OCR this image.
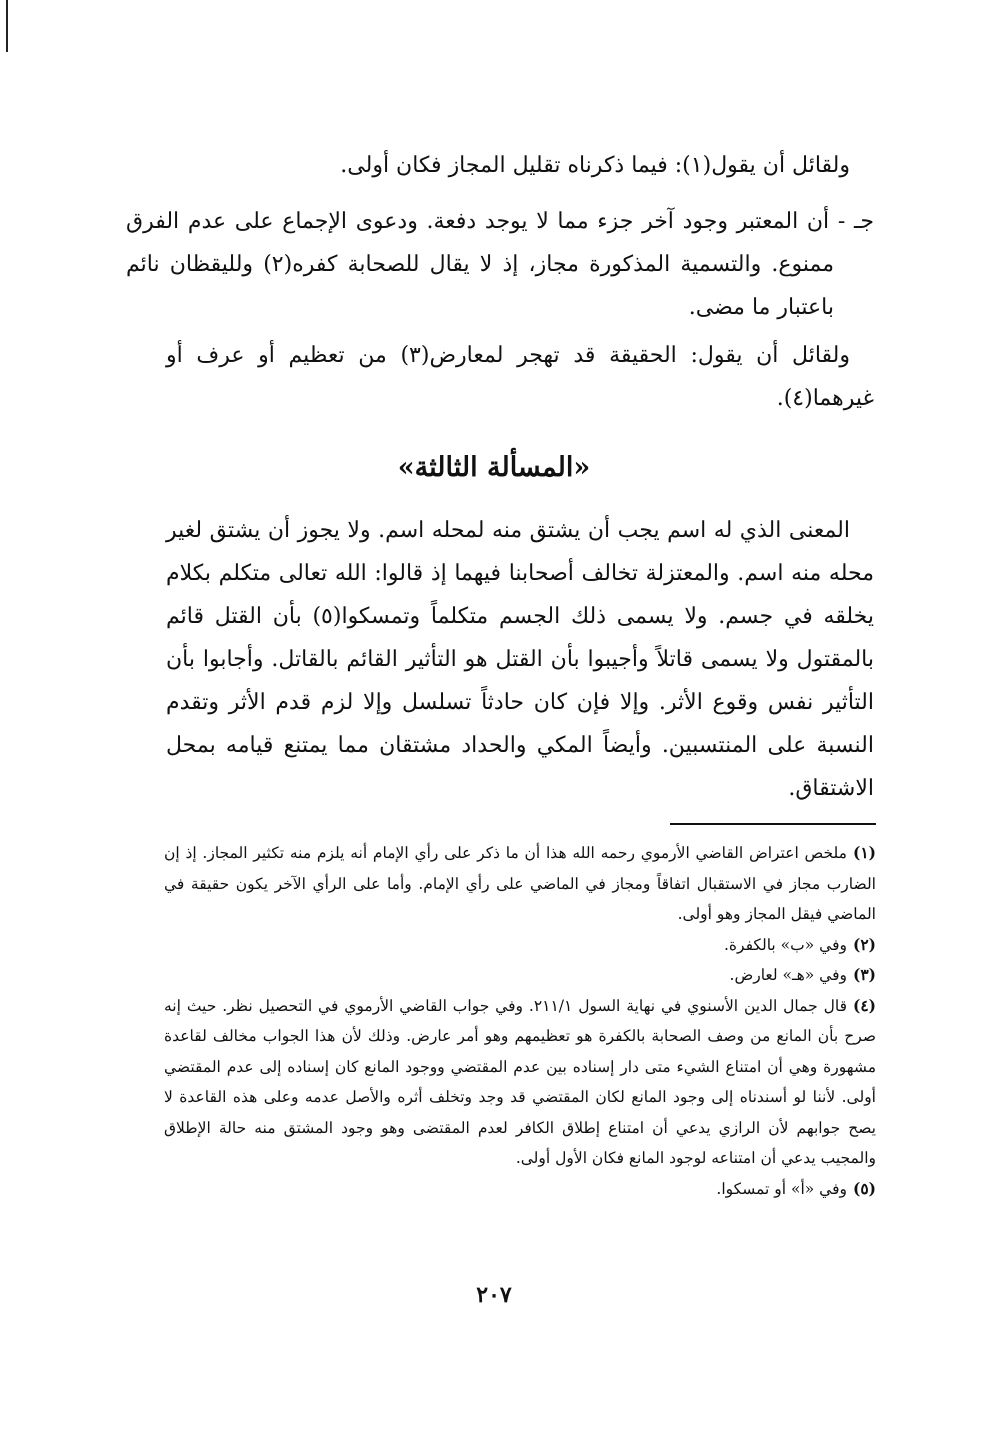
ولقائل أن يقول(١): فيما ذكرناه تقليل المجاز فكان أولى.

جـ - أن المعتبر وجود آخر جزء مما لا يوجد دفعة. ودعوى الإجماع على عدم الفرق ممنوع. والتسمية المذكورة مجاز، إذ لا يقال للصحابة كفره(٢) ولليقظان نائم باعتبار ما مضى.

ولقائل أن يقول: الحقيقة قد تهجر لمعارض(٣) من تعظيم أو عرف أو غيرهما(٤).

«المسألة الثالثة»

المعنى الذي له اسم يجب أن يشتق منه لمحله اسم. ولا يجوز أن يشتق لغير محله منه اسم. والمعتزلة تخالف أصحابنا فيهما إذ قالوا: الله تعالى متكلم بكلام يخلقه في جسم. ولا يسمى ذلك الجسم متكلماً وتمسكوا(٥) بأن القتل قائم بالمقتول ولا يسمى قاتلاً وأجيبوا بأن القتل هو التأثير القائم بالقاتل. وأجابوا بأن التأثير نفس وقوع الأثر. وإلا فإن كان حادثاً تسلسل وإلا لزم قدم الأثر وتقدم النسبة على المنتسبين. وأيضاً المكي والحداد مشتقان مما يمتنع قيامه بمحل الاشتقاق.

(١)ملخص اعتراض القاضي الأرموي رحمه الله هذا أن ما ذكر على رأي الإمام أنه يلزم منه تكثير المجاز. إذ إن الضارب مجاز في الاستقبال اتفاقاً ومجاز في الماضي على رأي الإمام. وأما على الرأي الآخر يكون حقيقة في الماضي فيقل المجاز وهو أولى.

(٢)وفي «ب» بالكفرة.

(٣)وفي «هـ» لعارض.

(٤)قال جمال الدين الأسنوي في نهاية السول ٢١١/١. وفي جواب القاضي الأرموي في التحصيل نظر. حيث إنه صرح بأن المانع من وصف الصحابة بالكفرة هو تعظيمهم وهو أمر عارض. وذلك لأن هذا الجواب مخالف لقاعدة مشهورة وهي أن امتناع الشيء متى دار إسناده بين عدم المقتضي ووجود المانع كان إسناده إلى عدم المقتضي أولى. لأننا لو أسندناه إلى وجود المانع لكان المقتضي قد وجد وتخلف أثره والأصل عدمه وعلى هذه القاعدة لا يصح جوابهم لأن الرازي يدعي أن امتناع إطلاق الكافر لعدم المقتضى وهو وجود المشتق منه حالة الإطلاق والمجيب يدعي أن امتناعه لوجود المانع فكان الأول أولى.

(٥)وفي «أ» أو تمسكوا.

٢٠٧
